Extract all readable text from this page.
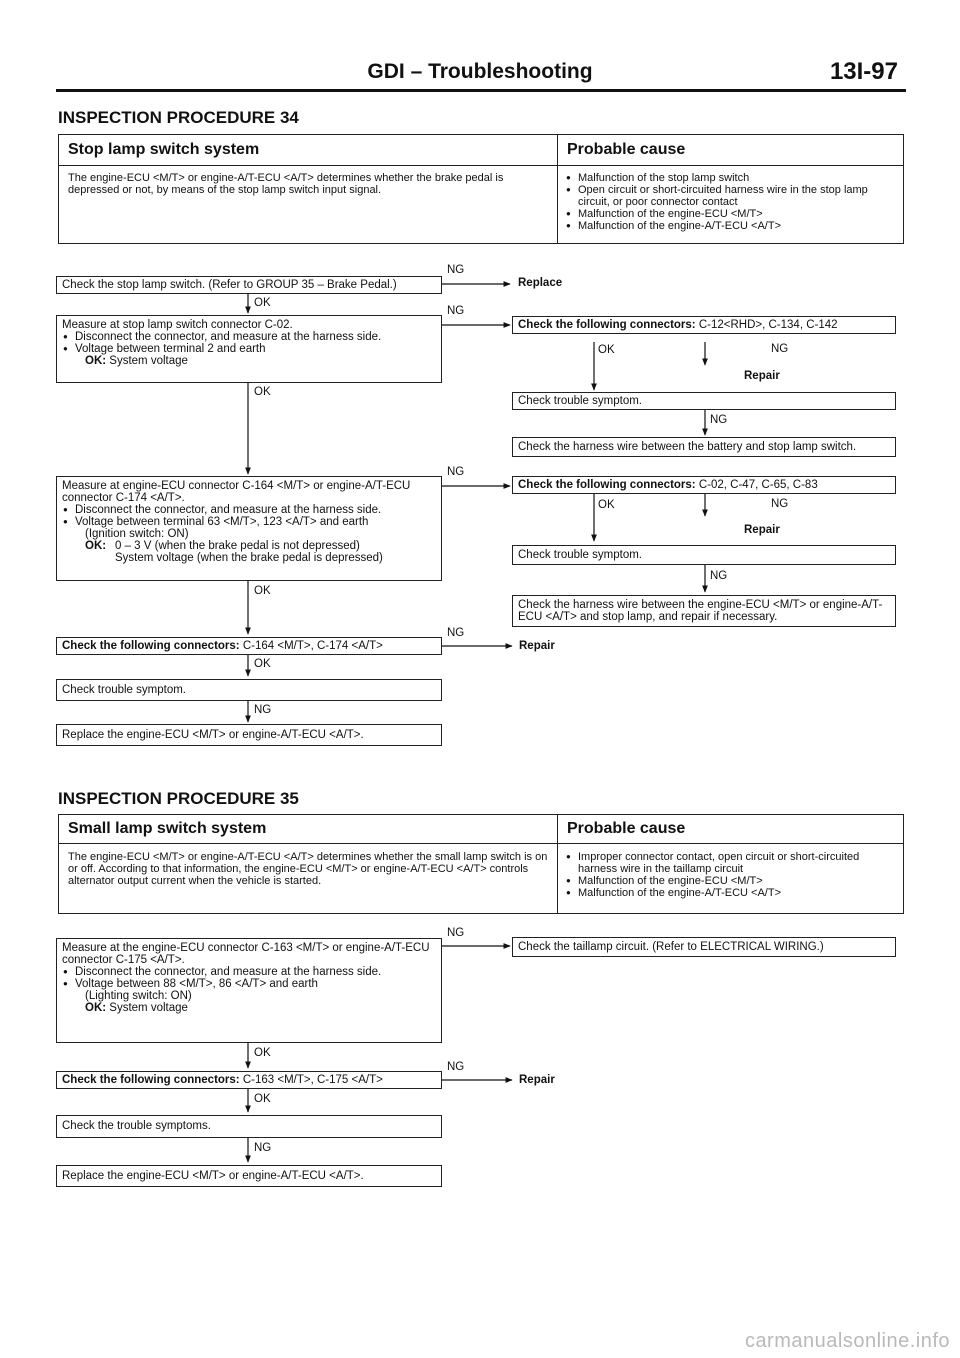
GDI – Troubleshooting	13I-97
INSPECTION PROCEDURE 34
Stop lamp switch system	Probable cause
The engine-ECU <M/T> or engine-A/T-ECU <A/T> determines whether the brake pedal is depressed or not, by means of the stop lamp switch input signal.
● Malfunction of the stop lamp switch
● Open circuit or short-circuited harness wire in the stop lamp circuit, or poor connector contact
● Malfunction of the engine-ECU <M/T>
● Malfunction of the engine-A/T-ECU <A/T>
Check the stop lamp switch. (Refer to GROUP 35 – Brake Pedal.)
NG
Replace
OK
Measure at stop lamp switch connector C-02.
● Disconnect the connector, and measure at the harness side.
● Voltage between terminal 2 and earth
OK: System voltage
NG
OK
Check the following connectors: C-12<RHD>, C-134, C-142
OK	NG
Repair
Check trouble symptom.
NG
Check the harness wire between the battery and stop lamp switch.
Measure at engine-ECU connector C-164 <M/T> or engine-A/T-ECU connector C-174 <A/T>.
● Disconnect the connector, and measure at the harness side.
● Voltage between terminal 63 <M/T>, 123 <A/T> and earth
(Ignition switch: ON)
OK: 0 – 3 V (when the brake pedal is not depressed)
System voltage (when the brake pedal is depressed)
NG
OK
Check the following connectors: C-02, C-47, C-65, C-83
OK	NG
Repair
Check trouble symptom.
NG
Check the harness wire between the engine-ECU <M/T> or engine-A/T-ECU <A/T> and stop lamp, and repair if necessary.
Check the following connectors: C-164 <M/T>, C-174 <A/T>
NG
Repair
OK
Check trouble symptom.
NG
Replace the engine-ECU <M/T> or engine-A/T-ECU <A/T>.
INSPECTION PROCEDURE 35
Small lamp switch system	Probable cause
The engine-ECU <M/T> or engine-A/T-ECU <A/T> determines whether the small lamp switch is on or off. According to that information, the engine-ECU <M/T> or engine-A/T-ECU <A/T> controls alternator output current when the vehicle is started.
● Improper connector contact, open circuit or short-circuited harness wire in the taillamp circuit
● Malfunction of the engine-ECU <M/T>
● Malfunction of the engine-A/T-ECU <A/T>
Measure at the engine-ECU connector C-163 <M/T> or engine-A/T-ECU connector C-175 <A/T>.
● Disconnect the connector, and measure at the harness side.
● Voltage between 88 <M/T>, 86 <A/T> and earth
(Lighting switch: ON)
OK: System voltage
NG
Check the taillamp circuit. (Refer to ELECTRICAL WIRING.)
OK
Check the following connectors: C-163 <M/T>, C-175 <A/T>
NG
Repair
OK
Check the trouble symptoms.
NG
Replace the engine-ECU <M/T> or engine-A/T-ECU <A/T>.
carmanualsonline.info
